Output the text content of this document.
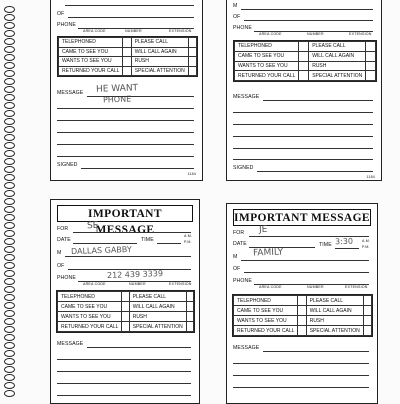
OF
PHONE
AREA CODE	NUMBER	EXTENSION
TELEPHONED		PLEASE CALL	
CAME TO SEE YOU		WILL CALL AGAIN	
WANTS TO SEE YOU		RUSH	
RETURNED YOUR CALL		SPECIAL ATTENTION	
MESSAGE HE WANT
PHONE
SIGNED
1184
M
OF
PHONE
AREA CODE	NUMBER	EXTENSION
TELEPHONED		PLEASE CALL	
CAME TO SEE YOU		WILL CALL AGAIN	
WANTS TO SEE YOU		RUSH	
RETURNED YOUR CALL		SPECIAL ATTENTION	
MESSAGE
SIGNED
1184
IMPORTANT MESSAGE
FOR SE
DATE	TIME
A.M.
P.M.
M DALLAS GABBY
OF
PHONE	212 439 3339
AREA CODE	NUMBER	EXTENSION
TELEPHONED		PLEASE CALL	
CAME TO SEE YOU		WILL CALL AGAIN	
WANTS TO SEE YOU		RUSH	
RETURNED YOUR CALL		SPECIAL ATTENTION	
MESSAGE
IMPORTANT MESSAGE
FOR JE
DATE	TIME 3:30 A.M.
P.M.
M FAMILY
OF
PHONE
AREA CODE	NUMBER	EXTENSION
TELEPHONED		PLEASE CALL	
CAME TO SEE YOU		WILL CALL AGAIN	
WANTS TO SEE YOU		RUSH	
RETURNED YOUR CALL		SPECIAL ATTENTION	
MESSAGE
